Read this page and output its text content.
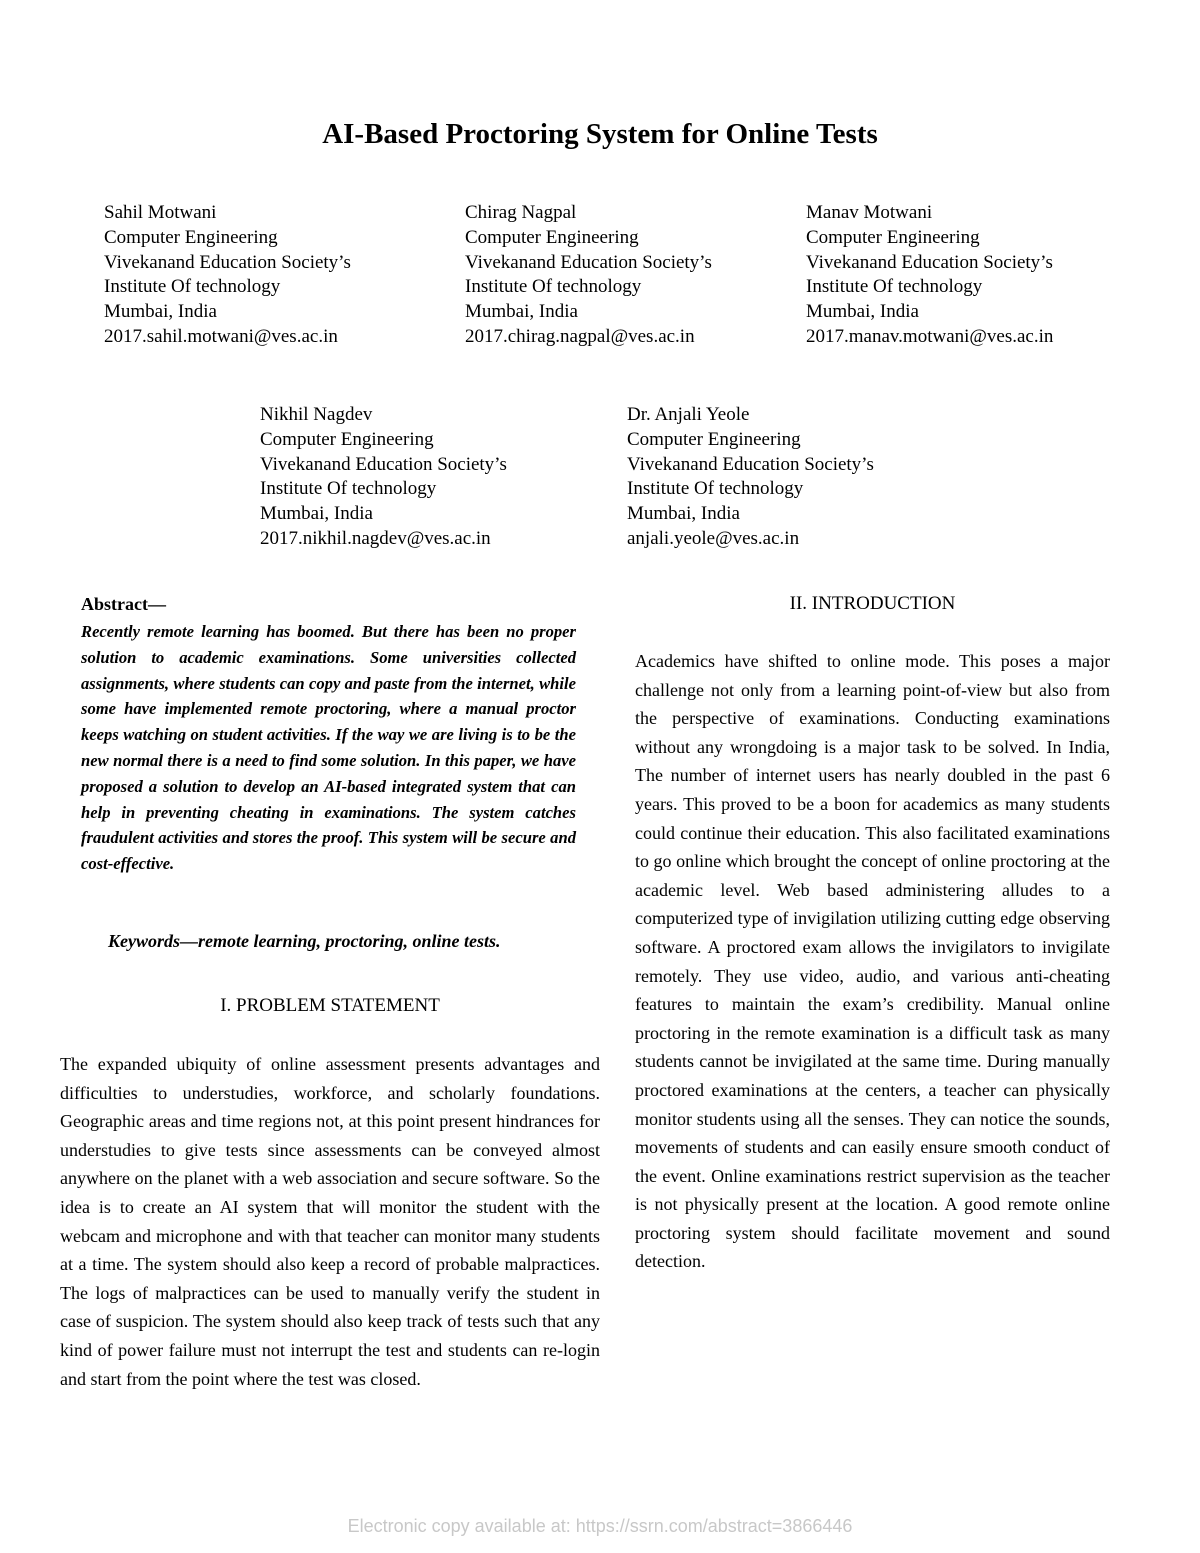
AI-Based Proctoring System for Online Tests
Sahil Motwani
Computer Engineering
Vivekanand Education Society’s
Institute Of technology
Mumbai, India
2017.sahil.motwani@ves.ac.in
Chirag Nagpal
Computer Engineering
Vivekanand Education Society’s
Institute Of technology
Mumbai, India
2017.chirag.nagpal@ves.ac.in
Manav Motwani
Computer Engineering
Vivekanand Education Society’s
Institute Of technology
Mumbai, India
2017.manav.motwani@ves.ac.in
Nikhil Nagdev
Computer Engineering
Vivekanand Education Society’s
Institute Of technology
Mumbai, India
2017.nikhil.nagdev@ves.ac.in
Dr. Anjali Yeole
Computer Engineering
Vivekanand Education Society’s
Institute Of technology
Mumbai, India
anjali.yeole@ves.ac.in
Abstract—

Recently remote learning has boomed. But there has been no proper solution to academic examinations. Some universities collected assignments, where students can copy and paste from the internet, while some have implemented remote proctoring, where a manual proctor keeps watching on student activities. If the way we are living is to be the new normal there is a need to find some solution. In this paper, we have proposed a solution to develop an AI-based integrated system that can help in preventing cheating in examinations. The system catches fraudulent activities and stores the proof. This system will be secure and cost-effective.

Keywords—remote learning, proctoring, online tests.

I. PROBLEM STATEMENT

The expanded ubiquity of online assessment presents advantages and difficulties to understudies, workforce, and scholarly foundations. Geographic areas and time regions not, at this point present hindrances for understudies to give tests since assessments can be conveyed almost anywhere on the planet with a web association and secure software. So the idea is to create an AI system that will monitor the student with the webcam and microphone and with that teacher can monitor many students at a time. The system should also keep a record of probable malpractices. The logs of malpractices can be used to manually verify the student in case of suspicion. The system should also keep track of tests such that any kind of power failure must not interrupt the test and students can re-login and start from the point where the test was closed.

II. INTRODUCTION

Academics have shifted to online mode. This poses a major challenge not only from a learning point-of-view but also from the perspective of examinations. Conducting examinations without any wrongdoing is a major task to be solved. In India, The number of internet users has nearly doubled in the past 6 years. This proved to be a boon for academics as many students could continue their education. This also facilitated examinations to go online which brought the concept of online proctoring at the academic level. Web based administering alludes to a computerized type of invigilation utilizing cutting edge observing software. A proctored exam allows the invigilators to invigilate remotely. They use video, audio, and various anti-cheating features to maintain the exam’s credibility. Manual online proctoring in the remote examination is a difficult task as many students cannot be invigilated at the same time. During manually proctored examinations at the centers, a teacher can physically monitor students using all the senses. They can notice the sounds, movements of students and can easily ensure smooth conduct of the event. Online examinations restrict supervision as the teacher is not physically present at the location. A good remote online proctoring system should facilitate movement and sound detection.

Electronic copy available at: https://ssrn.com/abstract=3866446
